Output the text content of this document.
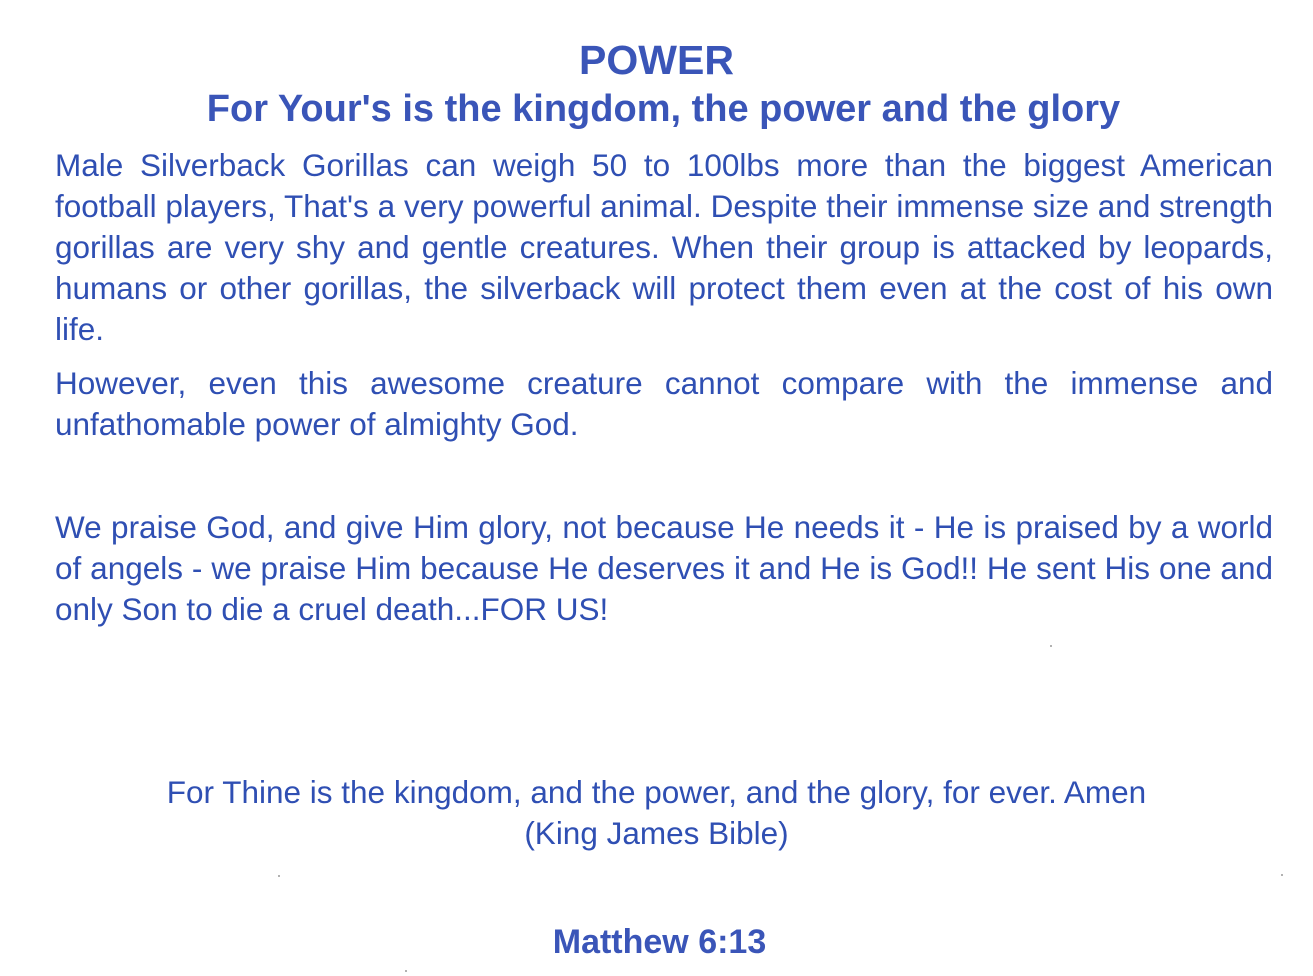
POWER
For Your's is the kingdom, the power and the glory

Male Silverback Gorillas can weigh 50 to 100lbs more than the biggest American football players, That's a very powerful animal. Despite their immense size and strength gorillas are very shy and gentle creatures. When their group is attacked by leopards, humans or other gorillas, the silverback will protect them even at the cost of his own life.

However, even this awesome creature cannot compare with the immense and unfathomable power of almighty God.

We praise God, and give Him glory, not because He needs it - He is praised by a world of angels - we praise Him because He deserves it and He is God!! He sent His one and only Son to die a cruel death...FOR US!

For Thine is the kingdom, and the power, and the glory, for ever. Amen
(King James Bible)
Matthew 6:13
